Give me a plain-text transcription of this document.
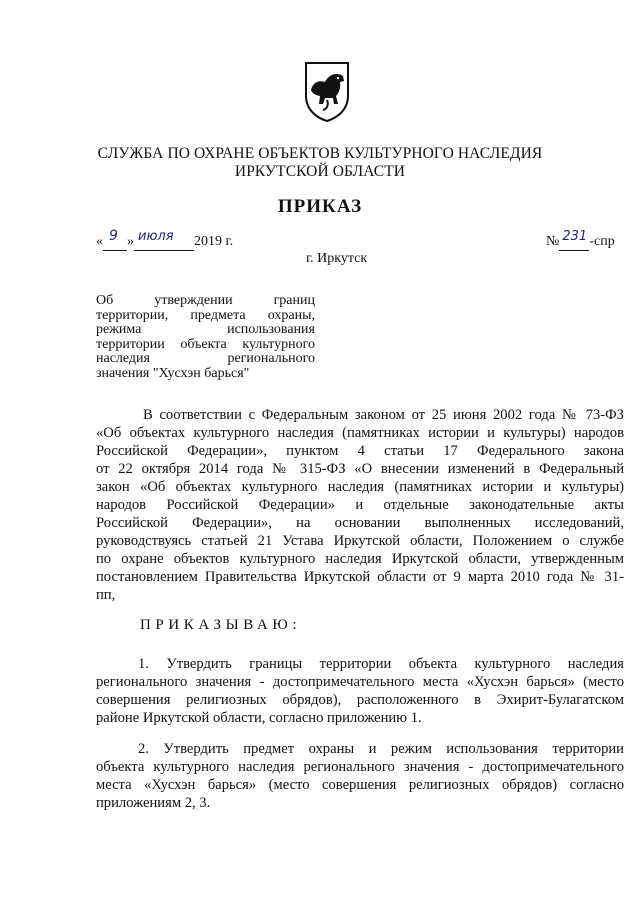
СЛУЖБА ПО ОХРАНЕ ОБЪЕКТОВ КУЛЬТУРНОГО НАСЛЕДИЯ
ИРКУТСКОЙ ОБЛАСТИ
ПРИКАЗ
« 9 » июля 2019 г.	№ 231 -спр
г. Иркутск
Об утверждении границ
территории, предмета охраны,
режима использования
территории объекта культурного
наследия регионального
значения "Хусхэн барься"
В соответствии с Федеральным законом от 25 июня 2002 года № 73-ФЗ
«Об объектах культурного наследия (памятниках истории и культуры) народов
Российской Федерации», пунктом 4 статьи 17 Федерального закона
от 22 октября 2014 года № 315-ФЗ «О внесении изменений в Федеральный
закон «Об объектах культурного наследия (памятниках истории и культуры)
народов Российской Федерации» и отдельные законодательные акты
Российской Федерации», на основании выполненных исследований,
руководствуясь статьей 21 Устава Иркутской области, Положением о службе
по охране объектов культурного наследия Иркутской области, утвержденным
постановлением Правительства Иркутской области от 9 марта 2010 года № 31-
пп,
ПРИКАЗЫВАЮ:
1. Утвердить границы территории объекта культурного наследия
регионального значения - достопримечательного места «Хусхэн барься» (место
совершения религиозных обрядов), расположенного в Эхирит-Булагатском
районе Иркутской области, согласно приложению 1.
2. Утвердить предмет охраны и режим использования территории
объекта культурного наследия регионального значения - достопримечательного
места «Хусхэн барься» (место совершения религиозных обрядов) согласно
приложениям 2, 3.
